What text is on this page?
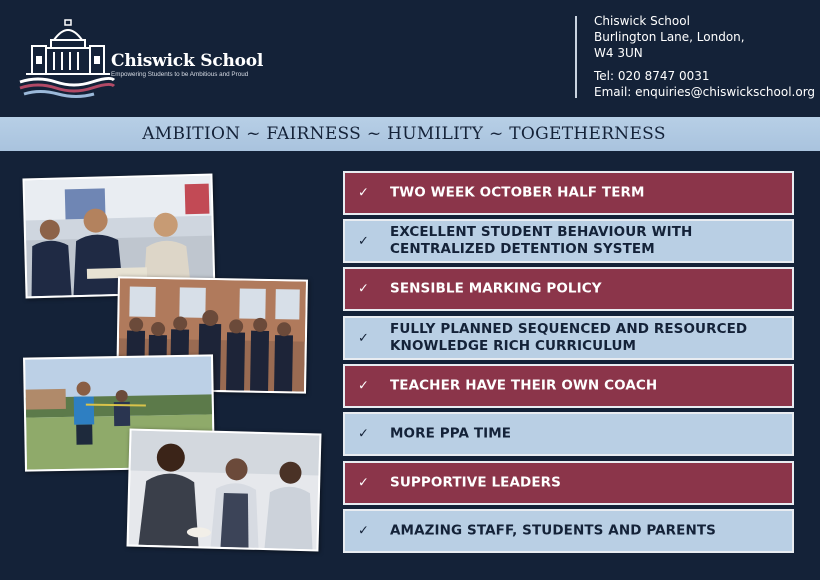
Chiswick School
Empowering Students to be Ambitious and Proud
Chiswick School
Burlington Lane, London,
W4 3UN
Tel: 020 8747 0031
Email: enquiries@chiswickschool.org
AMBITION ~ FAIRNESS ~ HUMILITY ~ TOGETHERNESS
✓ TWO WEEK OCTOBER HALF TERM
✓
EXCELLENT STUDENT BEHAVIOUR WITH CENTRALIZED DETENTION SYSTEM
✓ SENSIBLE MARKING POLICY
✓
FULLY PLANNED SEQUENCED AND RESOURCED KNOWLEDGE RICH CURRICULUM
✓ TEACHER HAVE THEIR OWN COACH
✓ MORE PPA TIME
✓ SUPPORTIVE LEADERS
✓ AMAZING STAFF, STUDENTS AND PARENTS
